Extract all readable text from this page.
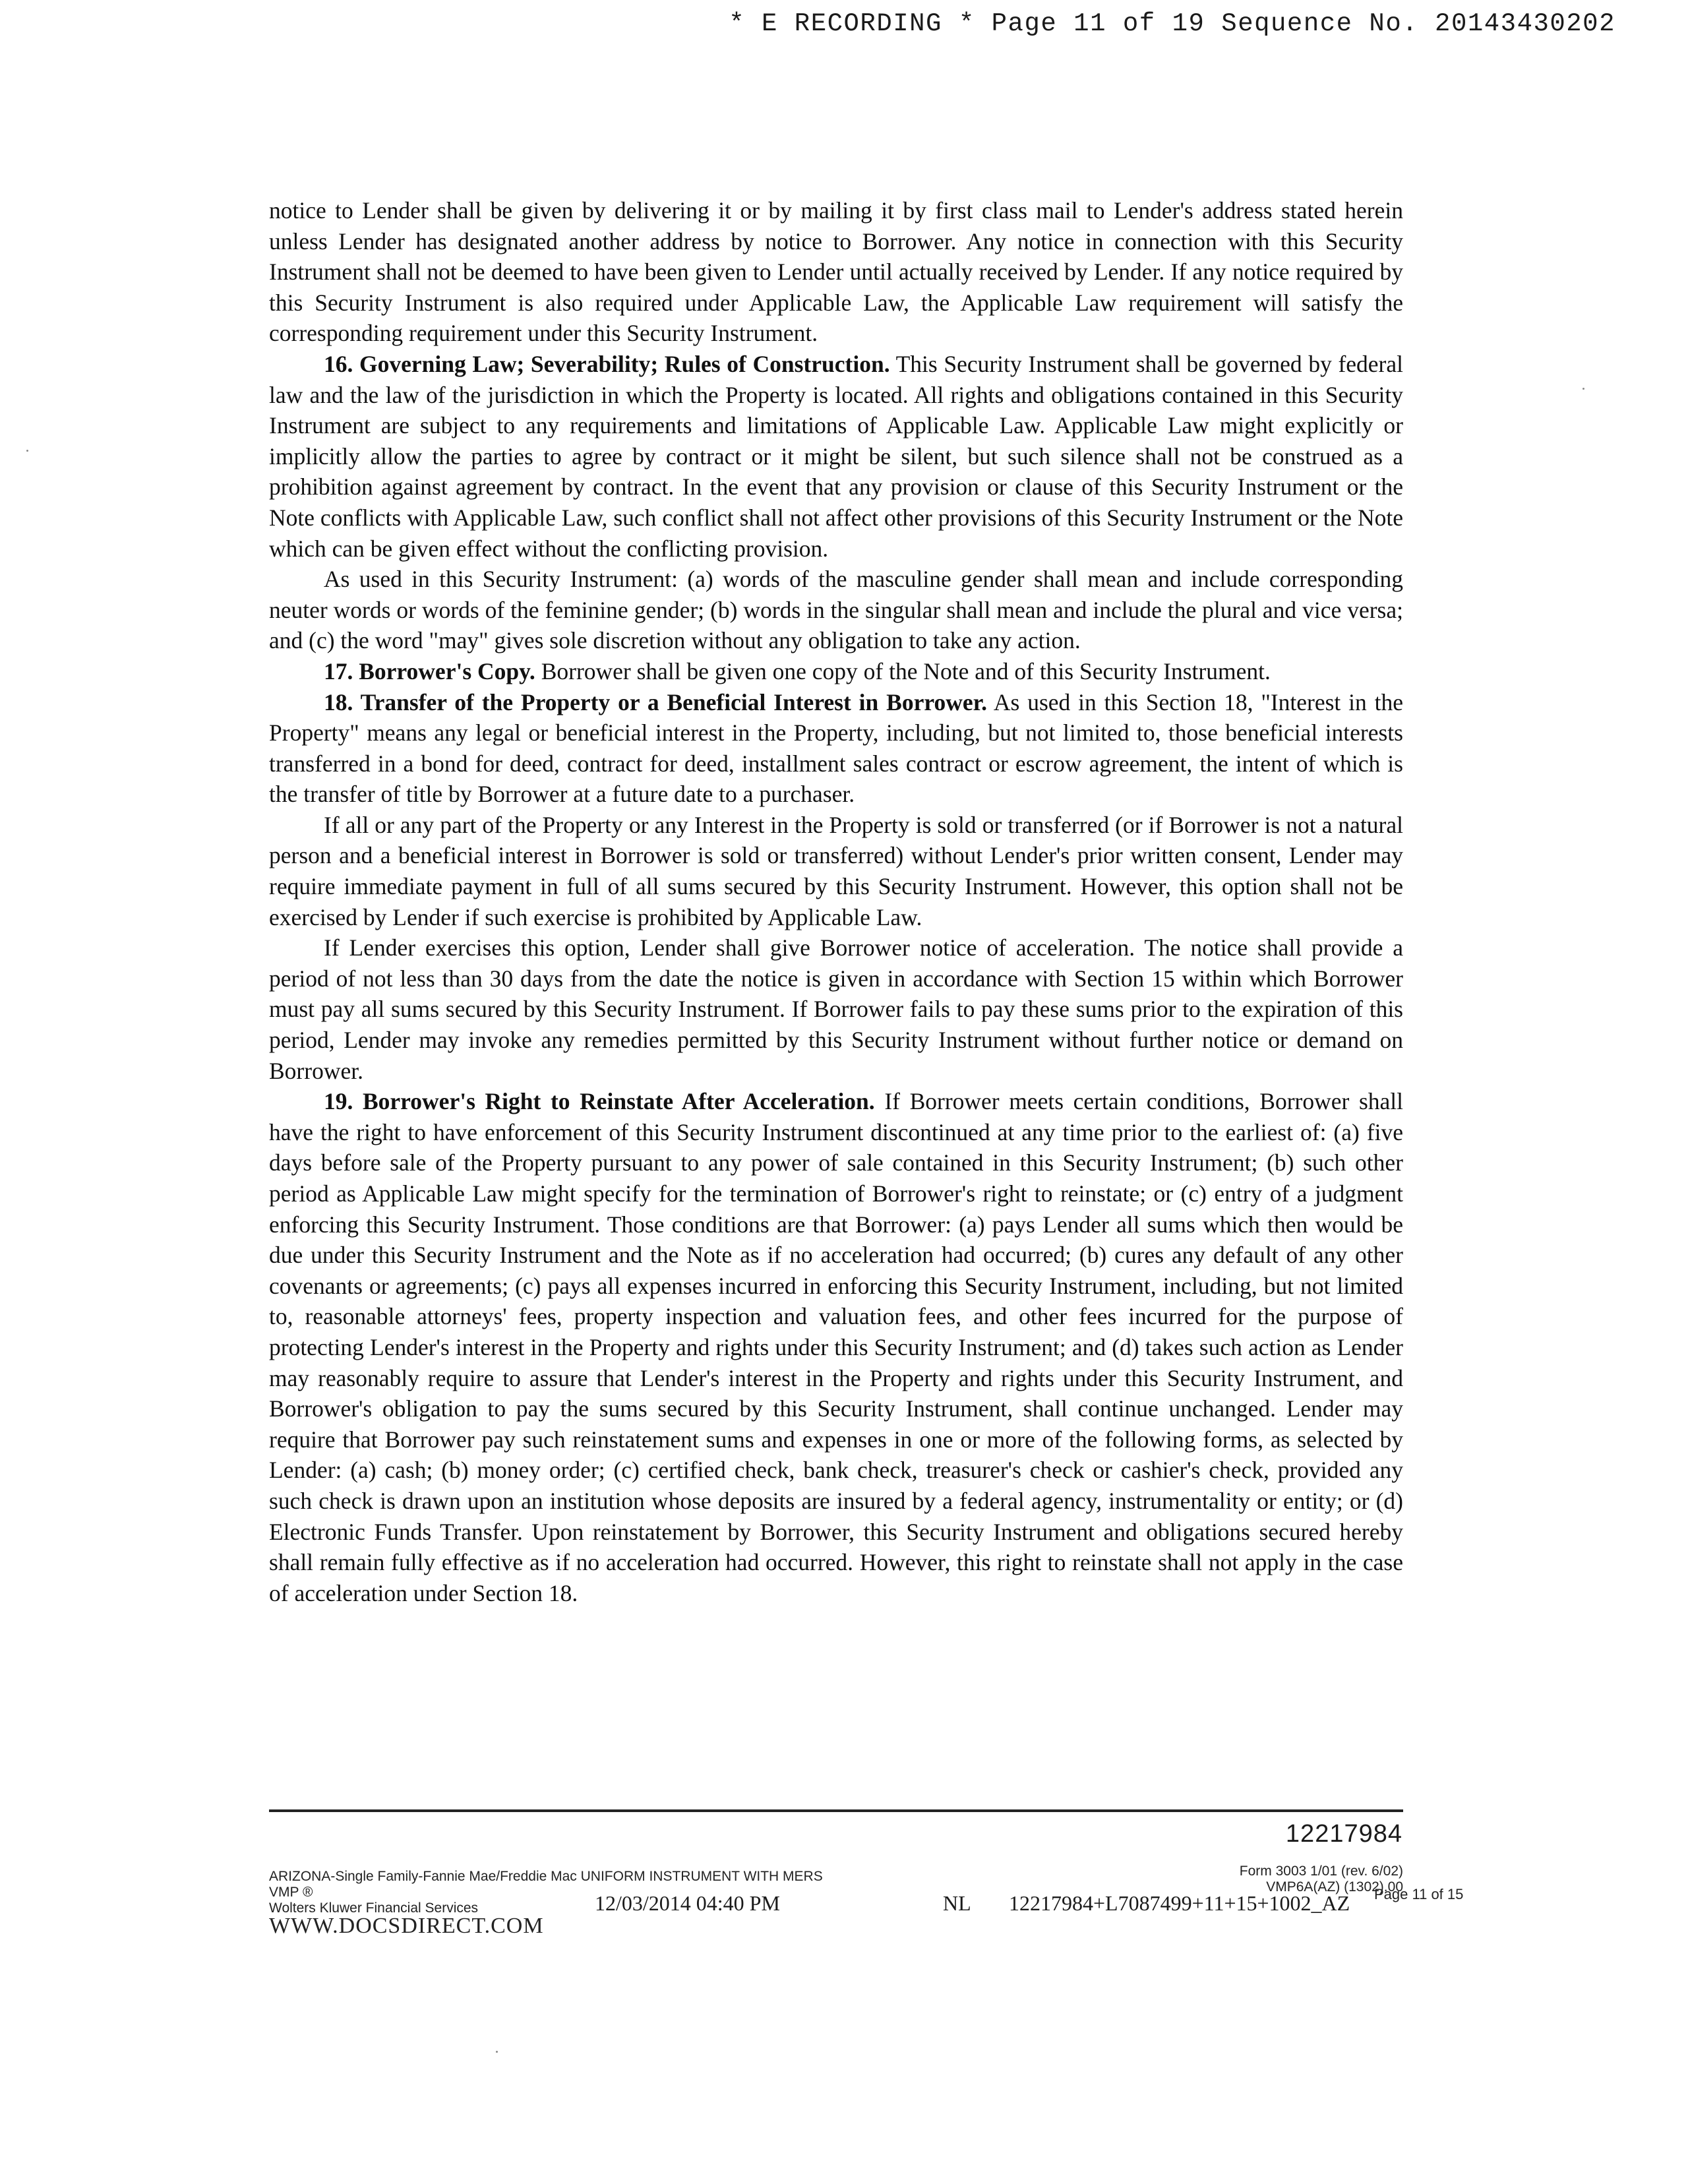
* E RECORDING * Page 11 of 19 Sequence No. 20143430202

notice to Lender shall be given by delivering it or by mailing it by first class mail to Lender's address stated herein unless Lender has designated another address by notice to Borrower. Any notice in connection with this Security Instrument shall not be deemed to have been given to Lender until actually received by Lender. If any notice required by this Security Instrument is also required under Applicable Law, the Applicable Law requirement will satisfy the corresponding requirement under this Security Instrument.

16. Governing Law; Severability; Rules of Construction. This Security Instrument shall be governed by federal law and the law of the jurisdiction in which the Property is located. All rights and obligations contained in this Security Instrument are subject to any requirements and limitations of Applicable Law. Applicable Law might explicitly or implicitly allow the parties to agree by contract or it might be silent, but such silence shall not be construed as a prohibition against agreement by contract. In the event that any provision or clause of this Security Instrument or the Note conflicts with Applicable Law, such conflict shall not affect other provisions of this Security Instrument or the Note which can be given effect without the conflicting provision.

As used in this Security Instrument: (a) words of the masculine gender shall mean and include corresponding neuter words or words of the feminine gender; (b) words in the singular shall mean and include the plural and vice versa; and (c) the word "may" gives sole discretion without any obligation to take any action.

17. Borrower's Copy. Borrower shall be given one copy of the Note and of this Security Instrument.

18. Transfer of the Property or a Beneficial Interest in Borrower. As used in this Section 18, "Interest in the Property" means any legal or beneficial interest in the Property, including, but not limited to, those beneficial interests transferred in a bond for deed, contract for deed, installment sales contract or escrow agreement, the intent of which is the transfer of title by Borrower at a future date to a purchaser.

If all or any part of the Property or any Interest in the Property is sold or transferred (or if Borrower is not a natural person and a beneficial interest in Borrower is sold or transferred) without Lender's prior written consent, Lender may require immediate payment in full of all sums secured by this Security Instrument. However, this option shall not be exercised by Lender if such exercise is prohibited by Applicable Law.

If Lender exercises this option, Lender shall give Borrower notice of acceleration. The notice shall provide a period of not less than 30 days from the date the notice is given in accordance with Section 15 within which Borrower must pay all sums secured by this Security Instrument. If Borrower fails to pay these sums prior to the expiration of this period, Lender may invoke any remedies permitted by this Security Instrument without further notice or demand on Borrower.

19. Borrower's Right to Reinstate After Acceleration. If Borrower meets certain conditions, Borrower shall have the right to have enforcement of this Security Instrument discontinued at any time prior to the earliest of: (a) five days before sale of the Property pursuant to any power of sale contained in this Security Instrument; (b) such other period as Applicable Law might specify for the termination of Borrower's right to reinstate; or (c) entry of a judgment enforcing this Security Instrument. Those conditions are that Borrower: (a) pays Lender all sums which then would be due under this Security Instrument and the Note as if no acceleration had occurred; (b) cures any default of any other covenants or agreements; (c) pays all expenses incurred in enforcing this Security Instrument, including, but not limited to, reasonable attorneys' fees, property inspection and valuation fees, and other fees incurred for the purpose of protecting Lender's interest in the Property and rights under this Security Instrument; and (d) takes such action as Lender may reasonably require to assure that Lender's interest in the Property and rights under this Security Instrument, and Borrower's obligation to pay the sums secured by this Security Instrument, shall continue unchanged. Lender may require that Borrower pay such reinstatement sums and expenses in one or more of the following forms, as selected by Lender: (a) cash; (b) money order; (c) certified check, bank check, treasurer's check or cashier's check, provided any such check is drawn upon an institution whose deposits are insured by a federal agency, instrumentality or entity; or (d) Electronic Funds Transfer. Upon reinstatement by Borrower, this Security Instrument and obligations secured hereby shall remain fully effective as if no acceleration had occurred. However, this right to reinstate shall not apply in the case of acceleration under Section 18.

12217984
ARIZONA-Single Family-Fannie Mae/Freddie Mac UNIFORM INSTRUMENT WITH MERS
VMP ®
Wolters Kluwer Financial Services
WWW.DOCSDIRECT.COM
Form 3003 1/01 (rev. 6/02)
VMP6A(AZ) (1302).00
12/03/2014 04:40 PM	NL 12217984+L7087499+11+15+1002_AZ Page 11 of 15
